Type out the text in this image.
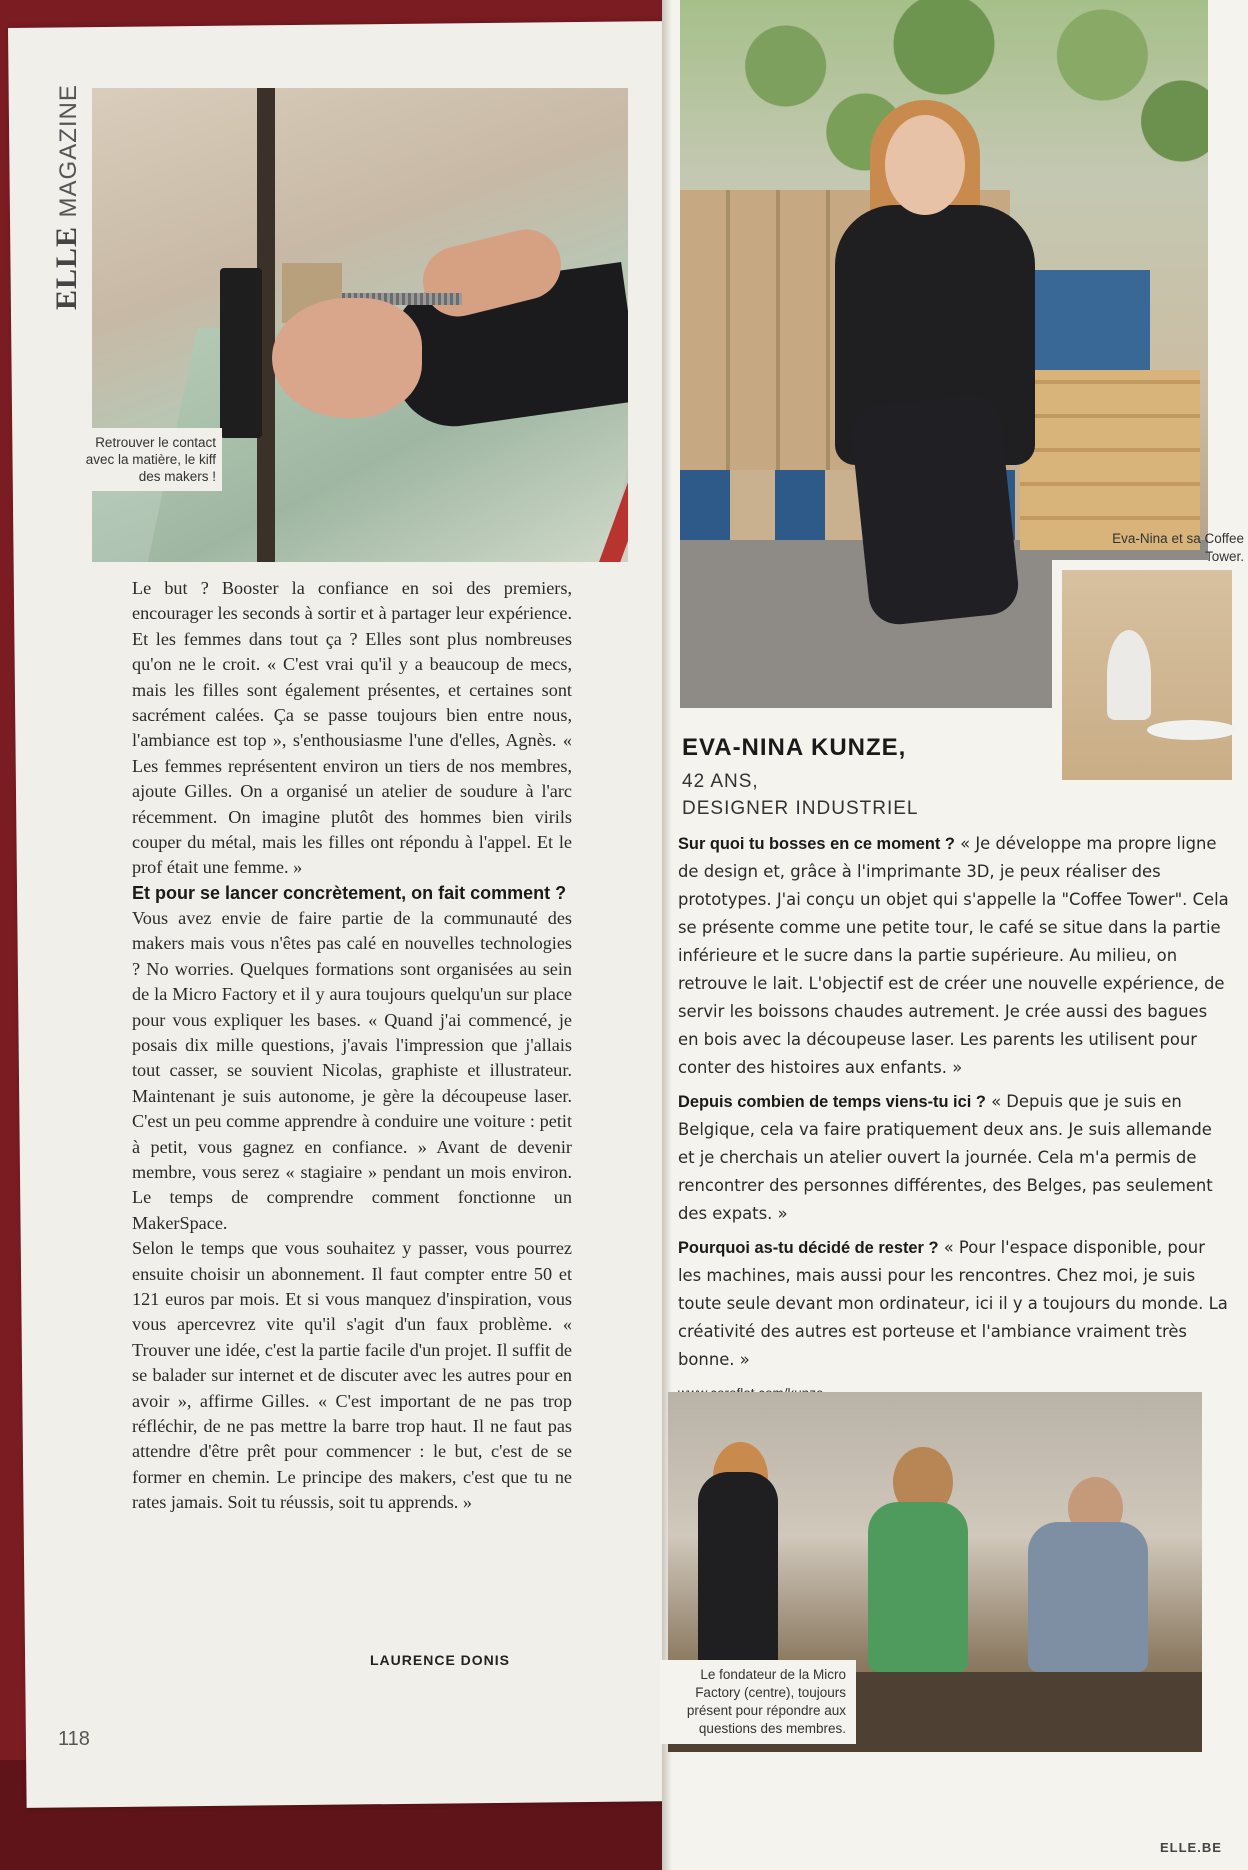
ELLE MAGAZINE
Retrouver le contact avec la matière, le kiff des makers !

Le but ? Booster la confiance en soi des premiers, encourager les seconds à sortir et à partager leur expérience. Et les femmes dans tout ça ? Elles sont plus nombreuses qu'on ne le croit. « C'est vrai qu'il y a beaucoup de mecs, mais les filles sont également présentes, et certaines sont sacrément calées. Ça se passe toujours bien entre nous, l'ambiance est top », s'enthousiasme l'une d'elles, Agnès. « Les femmes représentent environ un tiers de nos membres, ajoute Gilles. On a organisé un atelier de soudure à l'arc récemment. On imagine plutôt des hommes bien virils couper du métal, mais les filles ont répondu à l'appel. Et le prof était une femme. »

Et pour se lancer concrètement, on fait comment ?

Vous avez envie de faire partie de la communauté des makers mais vous n'êtes pas calé en nouvelles technologies ? No worries. Quelques formations sont organisées au sein de la Micro Factory et il y aura toujours quelqu'un sur place pour vous expliquer les bases. « Quand j'ai commencé, je posais dix mille questions, j'avais l'impression que j'allais tout casser, se souvient Nicolas, graphiste et illustrateur. Maintenant je suis autonome, je gère la découpeuse laser. C'est un peu comme apprendre à conduire une voiture : petit à petit, vous gagnez en confiance. » Avant de devenir membre, vous serez « stagiaire » pendant un mois environ. Le temps de comprendre comment fonctionne un MakerSpace.

Selon le temps que vous souhaitez y passer, vous pourrez ensuite choisir un abonnement. Il faut compter entre 50 et 121 euros par mois. Et si vous manquez d'inspiration, vous vous apercevrez vite qu'il s'agit d'un faux problème. « Trouver une idée, c'est la partie facile d'un projet. Il suffit de se balader sur internet et de discuter avec les autres pour en avoir », affirme Gilles. « C'est important de ne pas trop réfléchir, de ne pas mettre la barre trop haut. Il ne faut pas attendre d'être prêt pour commencer : le but, c'est de se former en chemin. Le principe des makers, c'est que tu ne rates jamais. Soit tu réussis, soit tu apprends. »

LAURENCE DONIS
118
Eva-Nina et sa Coffee Tower.
EVA-NINA KUNZE,
42 ANS,
DESIGNER INDUSTRIEL

Sur quoi tu bosses en ce moment ? « Je développe ma propre ligne de design et, grâce à l'imprimante 3D, je peux réaliser des prototypes. J'ai conçu un objet qui s'appelle la "Coffee Tower". Cela se présente comme une petite tour, le café se situe dans la partie inférieure et le sucre dans la partie supérieure. Au milieu, on retrouve le lait. L'objectif est de créer une nouvelle expérience, de servir les boissons chaudes autrement. Je crée aussi des bagues en bois avec la découpeuse laser. Les parents les utilisent pour conter des histoires aux enfants. »

Depuis combien de temps viens-tu ici ? « Depuis que je suis en Belgique, cela va faire pratiquement deux ans. Je suis allemande et je cherchais un atelier ouvert la journée. Cela m'a permis de rencontrer des personnes différentes, des Belges, pas seulement des expats. »

Pourquoi as-tu décidé de rester ? « Pour l'espace disponible, pour les machines, mais aussi pour les rencontres. Chez moi, je suis toute seule devant mon ordinateur, ici il y a toujours du monde. La créativité des autres est porteuse et l'ambiance vraiment très bonne. »

Le fondateur de la Micro Factory (centre), toujours présent pour répondre aux questions des membres.
ELLE.BE
